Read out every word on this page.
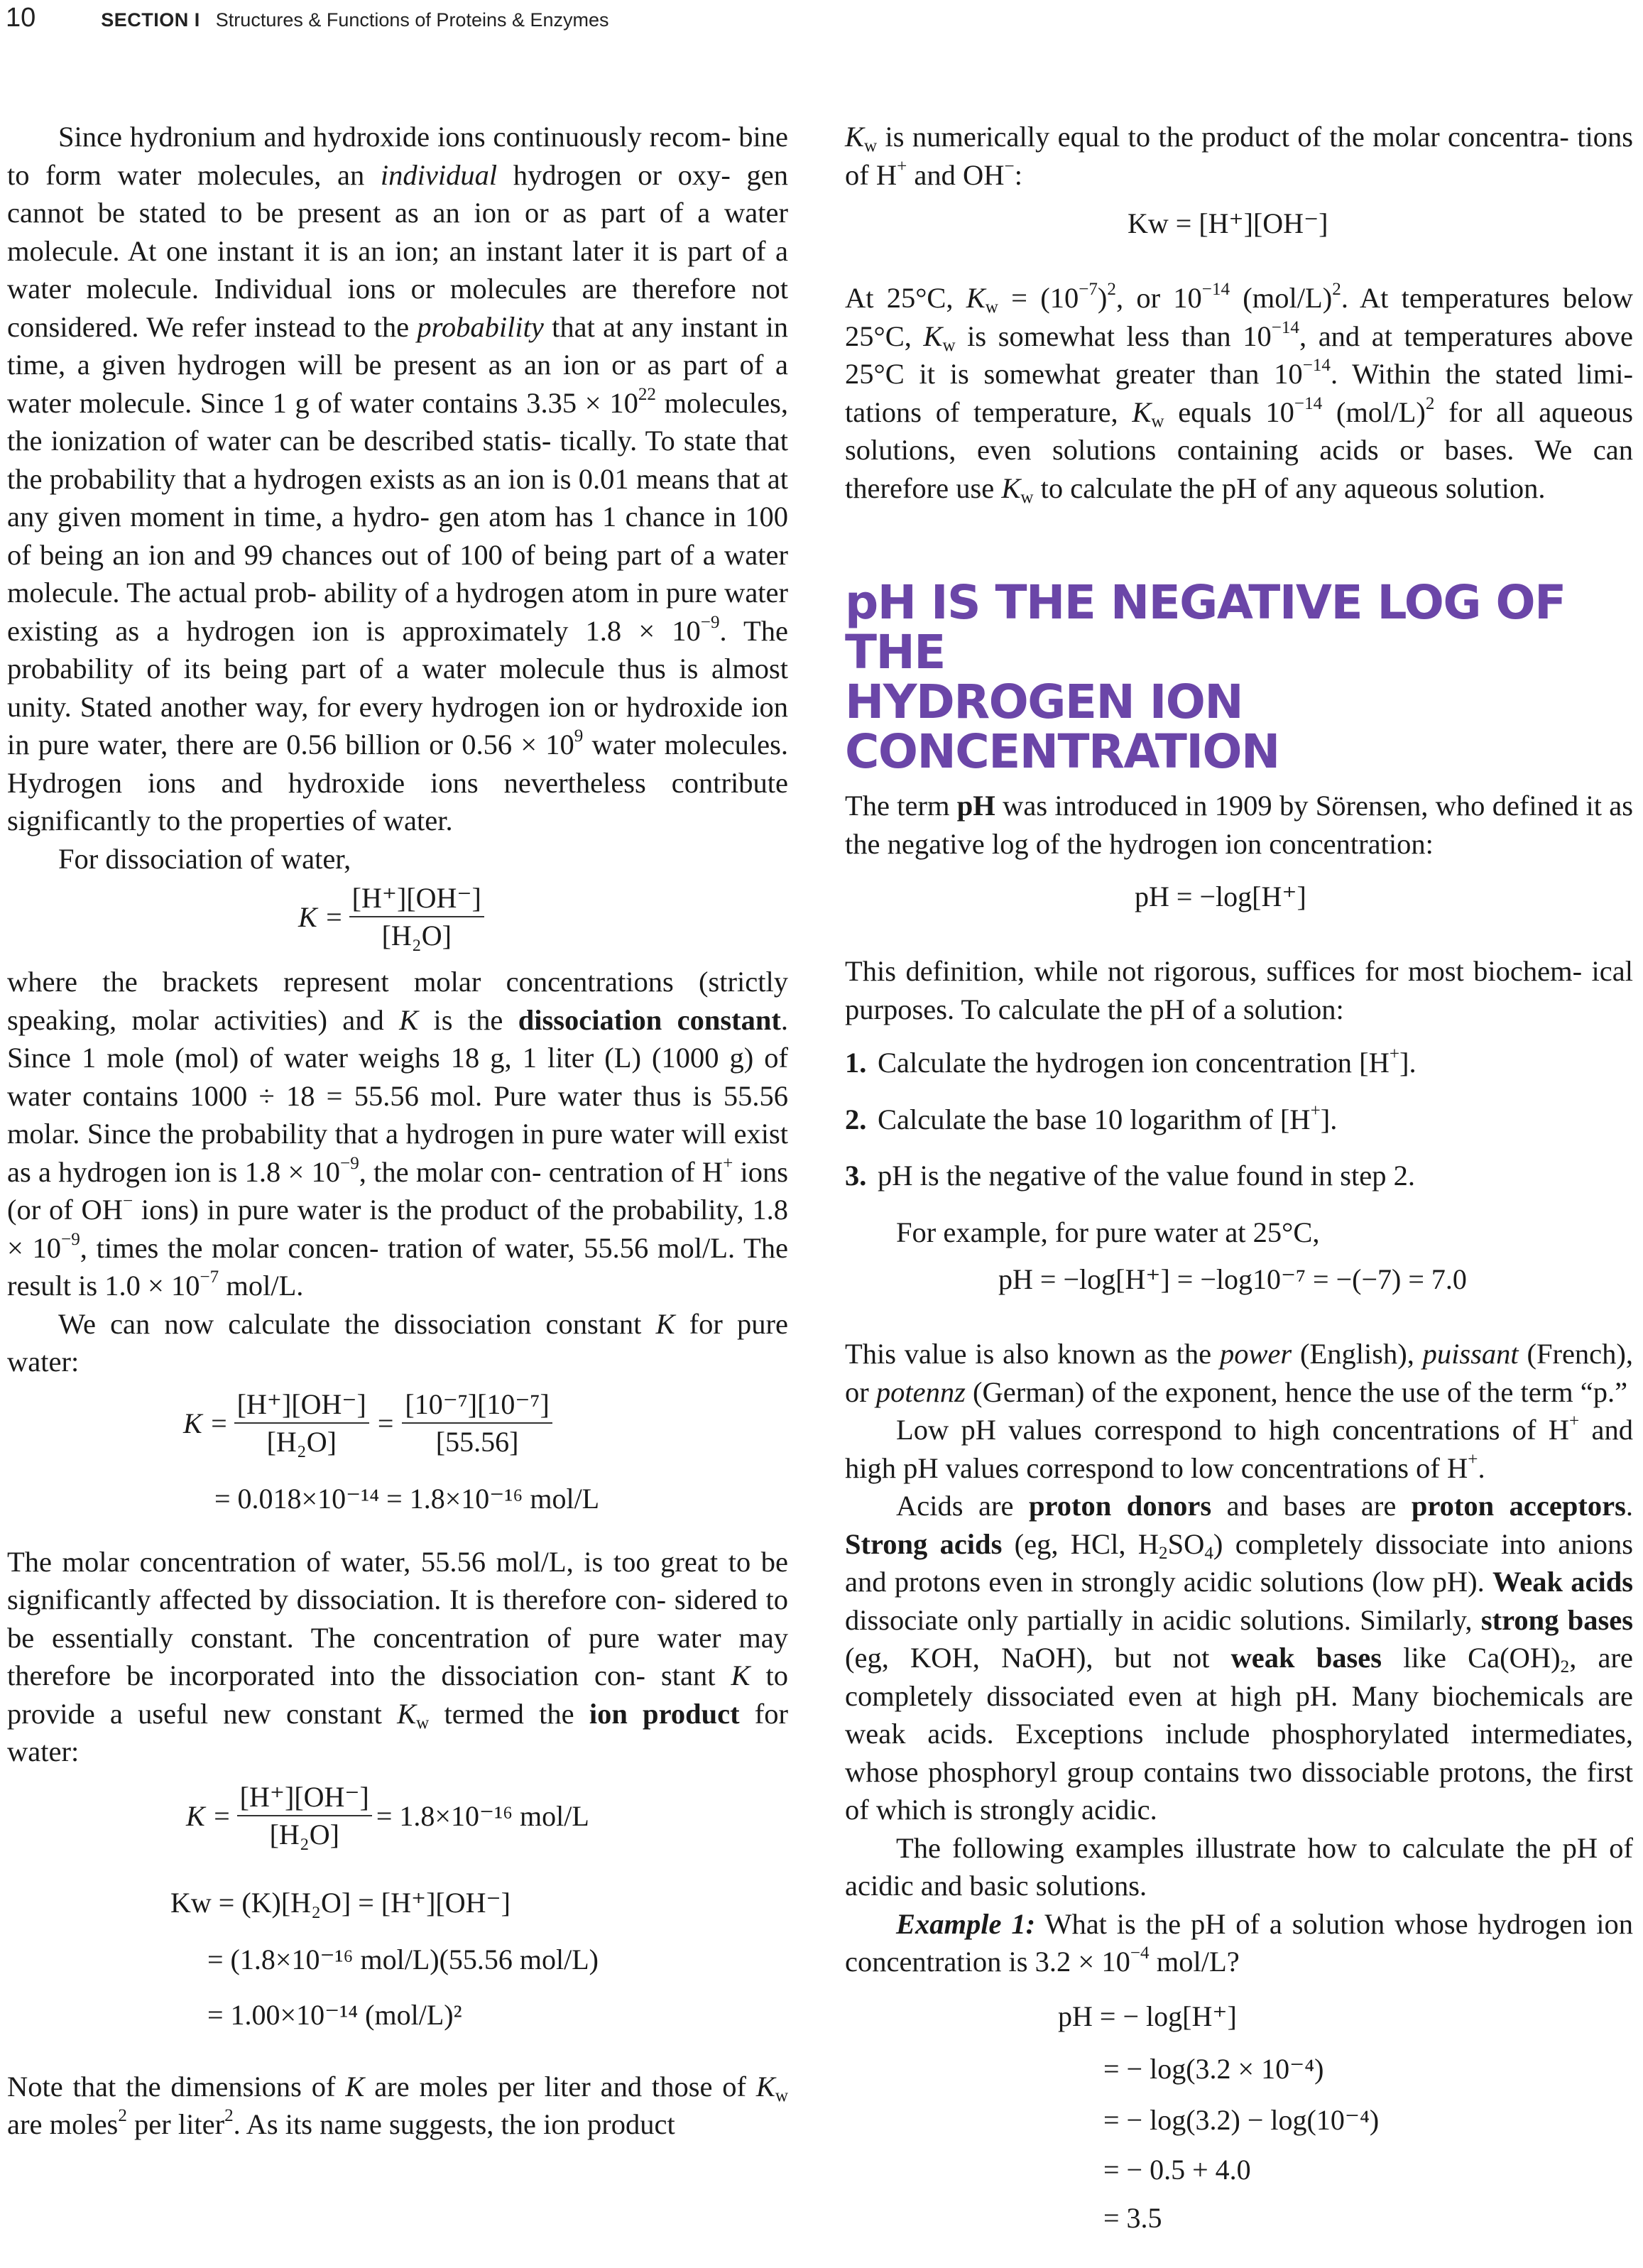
10	SECTION I Structures & Functions of Proteins & Enzymes

Since hydronium and hydroxide ions continuously recom- bine to form water molecules, an individual hydrogen or oxy- gen cannot be stated to be present as an ion or as part of a water molecule. At one instant it is an ion; an instant later it is part of a water molecule. Individual ions or molecules are therefore not considered. We refer instead to the probability that at any instant in time, a given hydrogen will be present as an ion or as part of a water molecule. Since 1 g of water contains $3.35 \times 10^{22}$ molecules, the ionization of water can be described statis- tically. To state that the probability that a hydrogen exists as an ion is 0.01 means that at any given moment in time, a hydro- gen atom has 1 chance in 100 of being an ion and 99 chances out of 100 of being part of a water molecule. The actual prob- ability of a hydrogen atom in pure water existing as a hydrogen ion is approximately $1.8 \times 10^{-9}$. The probability of its being part of a water molecule thus is almost unity. Stated another way, for every hydrogen ion or hydroxide ion in pure water, there are 0.56 billion or $0.56 \times 10^9$ water molecules. Hydrogen ions and hydroxide ions nevertheless contribute significantly to the properties of water.

For dissociation of water,

$K = \frac{[H^+][OH^-]}{\text{[H₂O]}}$

where the brackets represent molar concentrations (strictly speaking, molar activities) and K is the dissociation constant. Since 1 mole (mol) of water weighs 18 g, 1 liter (L) (1000 g) of water contains 1000 ÷ 18 = 55.56 mol. Pure water thus is 55.56 molar. Since the probability that a hydrogen in pure water will exist as a hydrogen ion is $1.8 \times 10^{-9}$, the molar con- centration of H+ ions (or of OH− ions) in pure water is the product of the probability, $1.8 \times 10^{-9}$, times the molar concen- tration of water, 55.56 mol/L. The result is $1.0 \times 10^{-7}$ mol/L.

We can now calculate the dissociation constant K for pure water:

$K = \frac{[H^+][OH^-]}{\text{[H₂O]}} = \frac{\text{[10⁻⁷][10⁻⁷]}}{[55.56]}$
= 0.018×10⁻¹⁴ = 1.8×10⁻¹⁶ mol/L

The molar concentration of water, 55.56 mol/L, is too great to be significantly affected by dissociation. It is therefore con- sidered to be essentially constant. The concentration of pure water may therefore be incorporated into the dissociation con- stant K to provide a useful new constant $K_w$ termed the ion product for water:

$K = \frac{[H^+][OH^-]}{\text{[H₂O]}} = 1.8\times 10^{-16}$ mol/L
Kw = (K)[H₂O] = [H⁺][OH⁻]
= (1.8×10⁻¹⁶ mol/L)(55.56 mol/L)
= 1.00×10⁻¹⁴ (mol/L)²

Note that the dimensions of K are moles per liter and those of $K_w$ are moles$^2$ per liter$^2$. As its name suggests, the ion product

$K_w$ is numerically equal to the product of the molar concentra- tions of H+ and OH−:

Kw = [H⁺][OH⁻]

At 25°C, $K_w = (10^{-7})^2$, or $10^{-14}$ $(mol/L)^2$. At temperatures below 25°C, $K_w$ is somewhat less than $10^{-14}$, and at temperatures above 25°C it is somewhat greater than $10^{-14}$. Within the stated limi- tations of temperature, $K_w$ equals $10^{-14}$ $(mol/L)^2$ for all aqueous solutions, even solutions containing acids or bases. We can therefore use $K_w$ to calculate the pH of any aqueous solution.

pH IS THE NEGATIVE LOG OF THE
HYDROGEN ION CONCENTRATION

The term pH was introduced in 1909 by Sörensen, who defined it as the negative log of the hydrogen ion concentration:

pH = −log[H⁺]

This definition, while not rigorous, suffices for most biochem- ical purposes. To calculate the pH of a solution:

1. Calculate the hydrogen ion concentration [H+].
2. Calculate the base 10 logarithm of [H+].
3. pH is the negative of the value found in step 2.

For example, for pure water at 25°C,

pH = −log[H⁺] = −log10⁻⁷ = −(−7) = 7.0

This value is also known as the power (English), puissant (French), or potennz (German) of the exponent, hence the use of the term “p.”

Low pH values correspond to high concentrations of H+ and high pH values correspond to low concentrations of H+.

Acids are proton donors and bases are proton acceptors. Strong acids (eg, HCl, $H_2SO_4$) completely dissociate into anions and protons even in strongly acidic solutions (low pH). Weak acids dissociate only partially in acidic solutions. Similarly, strong bases (eg, KOH, NaOH), but not weak bases like $Ca(OH)_2$, are completely dissociated even at high pH. Many biochemicals are weak acids. Exceptions include phosphorylated intermediates, whose phosphoryl group contains two dissociable protons, the first of which is strongly acidic.

The following examples illustrate how to calculate the pH of acidic and basic solutions.

Example 1: What is the pH of a solution whose hydrogen ion concentration is $3.2 \times 10^{-4}$ mol/L?

pH = − log[H⁺]
= − log(3.2 × 10⁻⁴)
= − log(3.2) − log(10⁻⁴)
= − 0.5 + 4.0
= 3.5
